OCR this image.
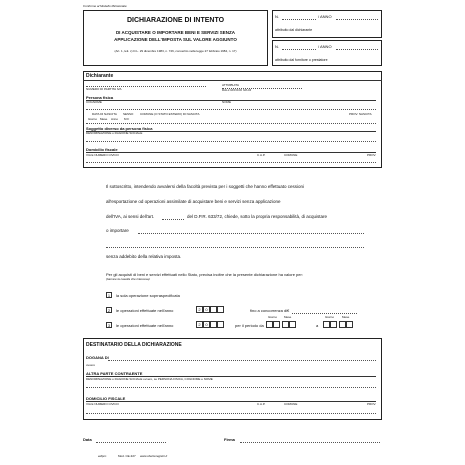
Conforme al Modello Ministeriale
DICHIARAZIONE DI INTENTO
DI ACQUISTARE O IMPORTARE BENI E SERVIZI SENZA
APPLICAZIONE DELL'IMPOSTA SUL VALORE AGGIUNTO
(Art. 1, lett. c) D.L. 29 dicembre 1983, n. 746, convertito nella legge 27 febbraio 1984, n. 17)
N.	/ ANNO
attribuito dal dichiarante
N.	/ ANNO
attribuito dal fornitore o prestatore
Dichiarante
NUMERO DI PARTITA IVA
ATTRIBUITA
DALL'UFFICIO IVA DI
Persona fisica
COGNOME	NOME
DATA DI NASCITA SESSO COMUNE (O STATO ESTERO) DI NASCITA	PROV. NASCITA
Giorno Mese Anno M F
Soggetto diverso da persona fisica
DENOMINAZIONE o RAGIONE SOCIALE
Domicilio fiscale
VIA E NUMERO CIVICO	C.A.P.	COMUNE	PROV.
Il sottoscritto, intendendo avvalersi della facoltà prevista per i soggetti che hanno effettuato cessioni
all'esportazione od operazioni assimilate di acquistare beni e servizi senza applicazione
dell'IVA, ai sensi dell'art.	del D.P.R. 633/72, chiede, sotto la propria responsabilità, di acquistare
o importare
senza addebito della relativa imposta.
Per gli acquisti di beni e servizi effettuati nello Stato, precisa inoltre che la presente dichiarazione ha valore per:
(barrare la casella che interessa)
1	la sola operazione soprraspecificata
2	le operazioni effettuate nell'anno	2	0	fino a concorrenza di €
Giorno Mese	Giorno	Mese
3	le operazioni effettuate nell'anno	2	0	per il periodo da	a
DESTINATARIO DELLA DICHIARAZIONE
DOGANA DI
ovvero
ALTRA PARTE CONTRAENTE
DENOMINAZIONE o RAGIONE SOCIALE ovvero, se PERSONA FISICA, COGNOME e NOME
DOMICILIO FISCALE
VIA E NUMERO CIVICO	C.A.P.	COMUNE	PROV.
Data	Firma
edipro	Mod. CE-327 www.clienteregistri.it
